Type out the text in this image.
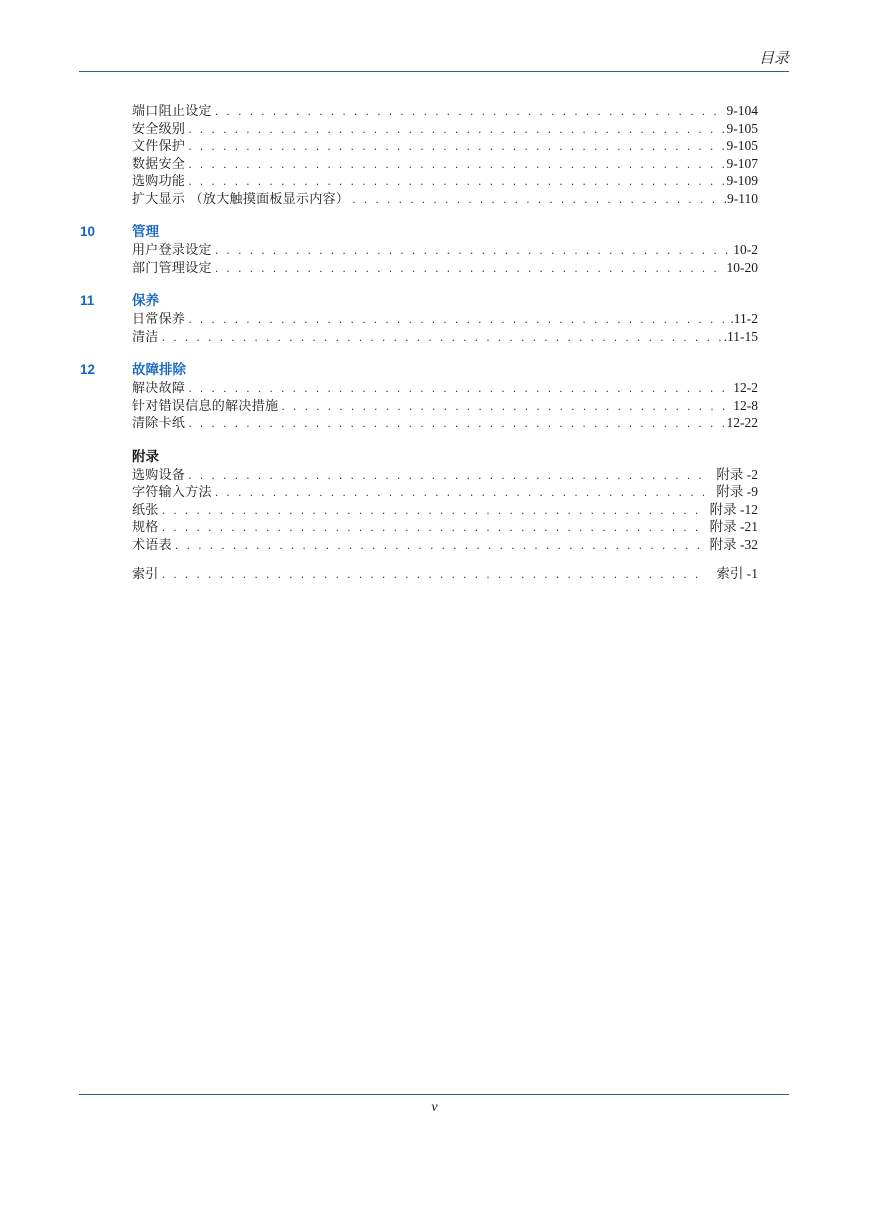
目录
端口阻止设定 . . .	9-104
安全级别 . . .	9-105
文件保护 . . .	9-105
数据安全 . . .	9-107
选购功能 . . .	9-109
扩大显示 （放大触摸面板显示内容） . . .	.9-110
10	管理
用户登录设定 . . .	10-2
部门管理设定 . . .	10-20
11	保养
日常保养 . . .	.11-2
清洁 . . .	.11-15
12	故障排除
解决故障 . . .	12-2
针对错误信息的解决措施 . . .	12-8
清除卡纸 . . .	12-22
附录
选购设备 . . .	附录 -2
字符输入方法 . . .	附录 -9
纸张 . . .	附录 -12
规格 . . .	附录 -21
术语表 . . .	附录 -32
索引 . . .	索引 -1
v
